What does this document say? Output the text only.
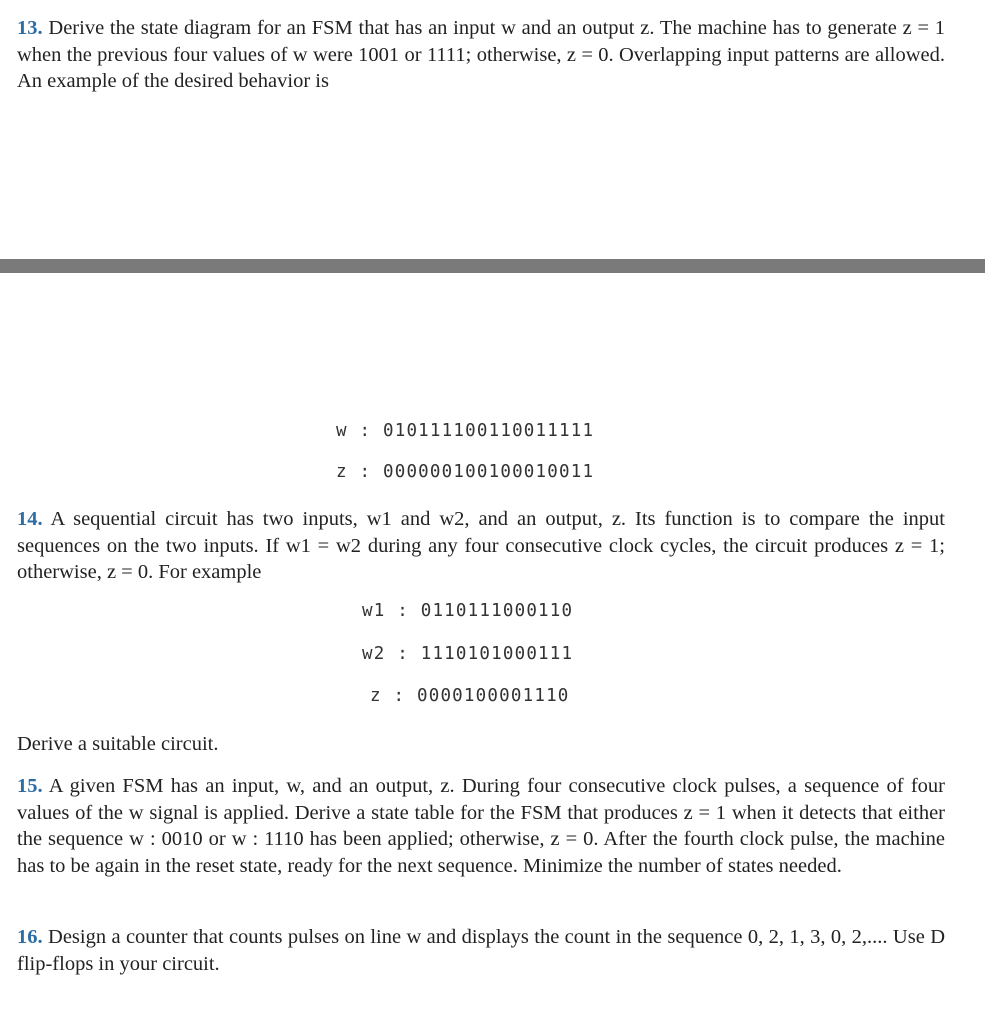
13. Derive the state diagram for an FSM that has an input w and an output z. The machine has to generate z = 1 when the previous four values of w were 1001 or 1111; otherwise, z = 0. Overlapping input patterns are allowed. An example of the desired behavior is

w : 010111100110011111
z : 000000100100010011

14. A sequential circuit has two inputs, w1 and w2, and an output, z. Its function is to compare the input sequences on the two inputs. If w1 = w2 during any four consecutive clock cycles, the circuit produces z = 1; otherwise, z = 0. For example

w1 : 0110111000110
w2 : 1110101000111
z : 0000100001110

Derive a suitable circuit.

15. A given FSM has an input, w, and an output, z. During four consecutive clock pulses, a sequence of four values of the w signal is applied. Derive a state table for the FSM that produces z = 1 when it detects that either the sequence w : 0010 or w : 1110 has been applied; otherwise, z = 0. After the fourth clock pulse, the machine has to be again in the reset state, ready for the next sequence. Minimize the number of states needed.

16. Design a counter that counts pulses on line w and displays the count in the sequence 0, 2, 1, 3, 0, 2,.... Use D flip-flops in your circuit.
